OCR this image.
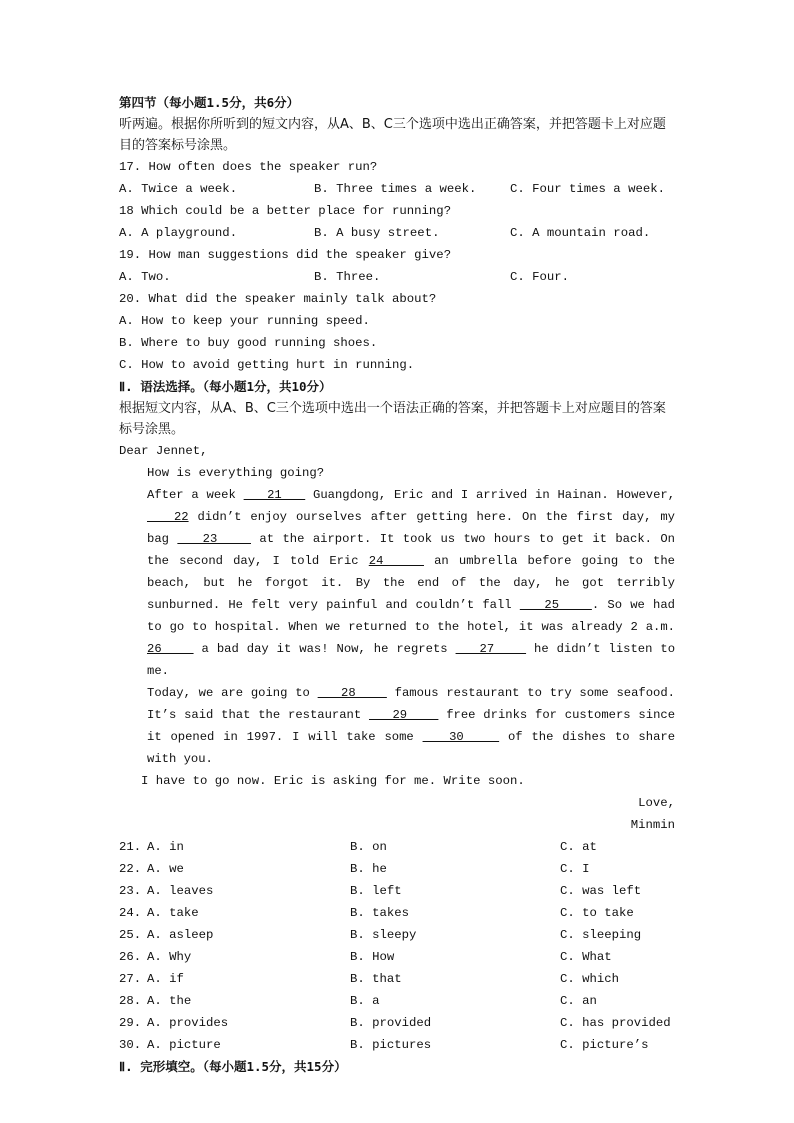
第四节（每小题1.5分，共6分）
听两遍。根据你所听到的短文内容，从A、B、C三个选项中选出正确答案，并把答题卡上对应题目的答案标号涂黑。
17. How often does the speaker run?
A. Twice a week.	B. Three times a week.	C. Four times a week.
18 Which could be a better place for running?
A. A playground.	B. A busy street.	C. A mountain road.
19. How man suggestions did the speaker give?
A. Two.	B. Three.	C. Four.
20. What did the speaker mainly talk about?
A. How to keep your running speed.
B. Where to buy good running shoes.
C. How to avoid getting hurt in running.
Ⅱ. 语法选择。（每小题1分，共10分）
根据短文内容，从A、B、C三个选项中选出一个语法正确的答案，并把答题卡上对应题目的答案标号涂黑。
Dear Jennet,
How is everything going?
After a week    21    Guangdong, Eric and I arrived in Hainan. However,    22 didn’t enjoy ourselves after getting here. On the first day, my bag    23     at the airport. It took us two hours to get it back. On the second day, I told Eric 24     an umbrella before going to the beach, but he forgot it. By the end of the day, he got terribly sunburned. He felt very painful and couldn’t fall    25    . So we had to go to hospital. When we returned to the hotel, it was already 2 a.m. 26     a bad day it was! Now, he regrets    27     he didn’t listen to me.
Today, we are going to    28     famous restaurant to try some seafood. It’s said that the restaurant    29     free drinks for customers since it opened in 1997. I will take some    30     of the dishes to share with you.
I have to go now. Eric is asking for me. Write soon.
Love,
Minmin
21. A. in	B. on	C. at
22. A. we	B. he	C. I
23. A. leaves	B. left	C. was left
24. A. take	B. takes	C. to take
25. A. asleep	B. sleepy	C. sleeping
26. A. Why	B. How	C. What
27. A. if	B. that	C. which
28. A. the	B. a	C. an
29. A. provides	B. provided	C. has provided
30. A. picture	B. pictures	C. picture’s
Ⅱ. 完形填空。（每小题1.5分，共15分）
